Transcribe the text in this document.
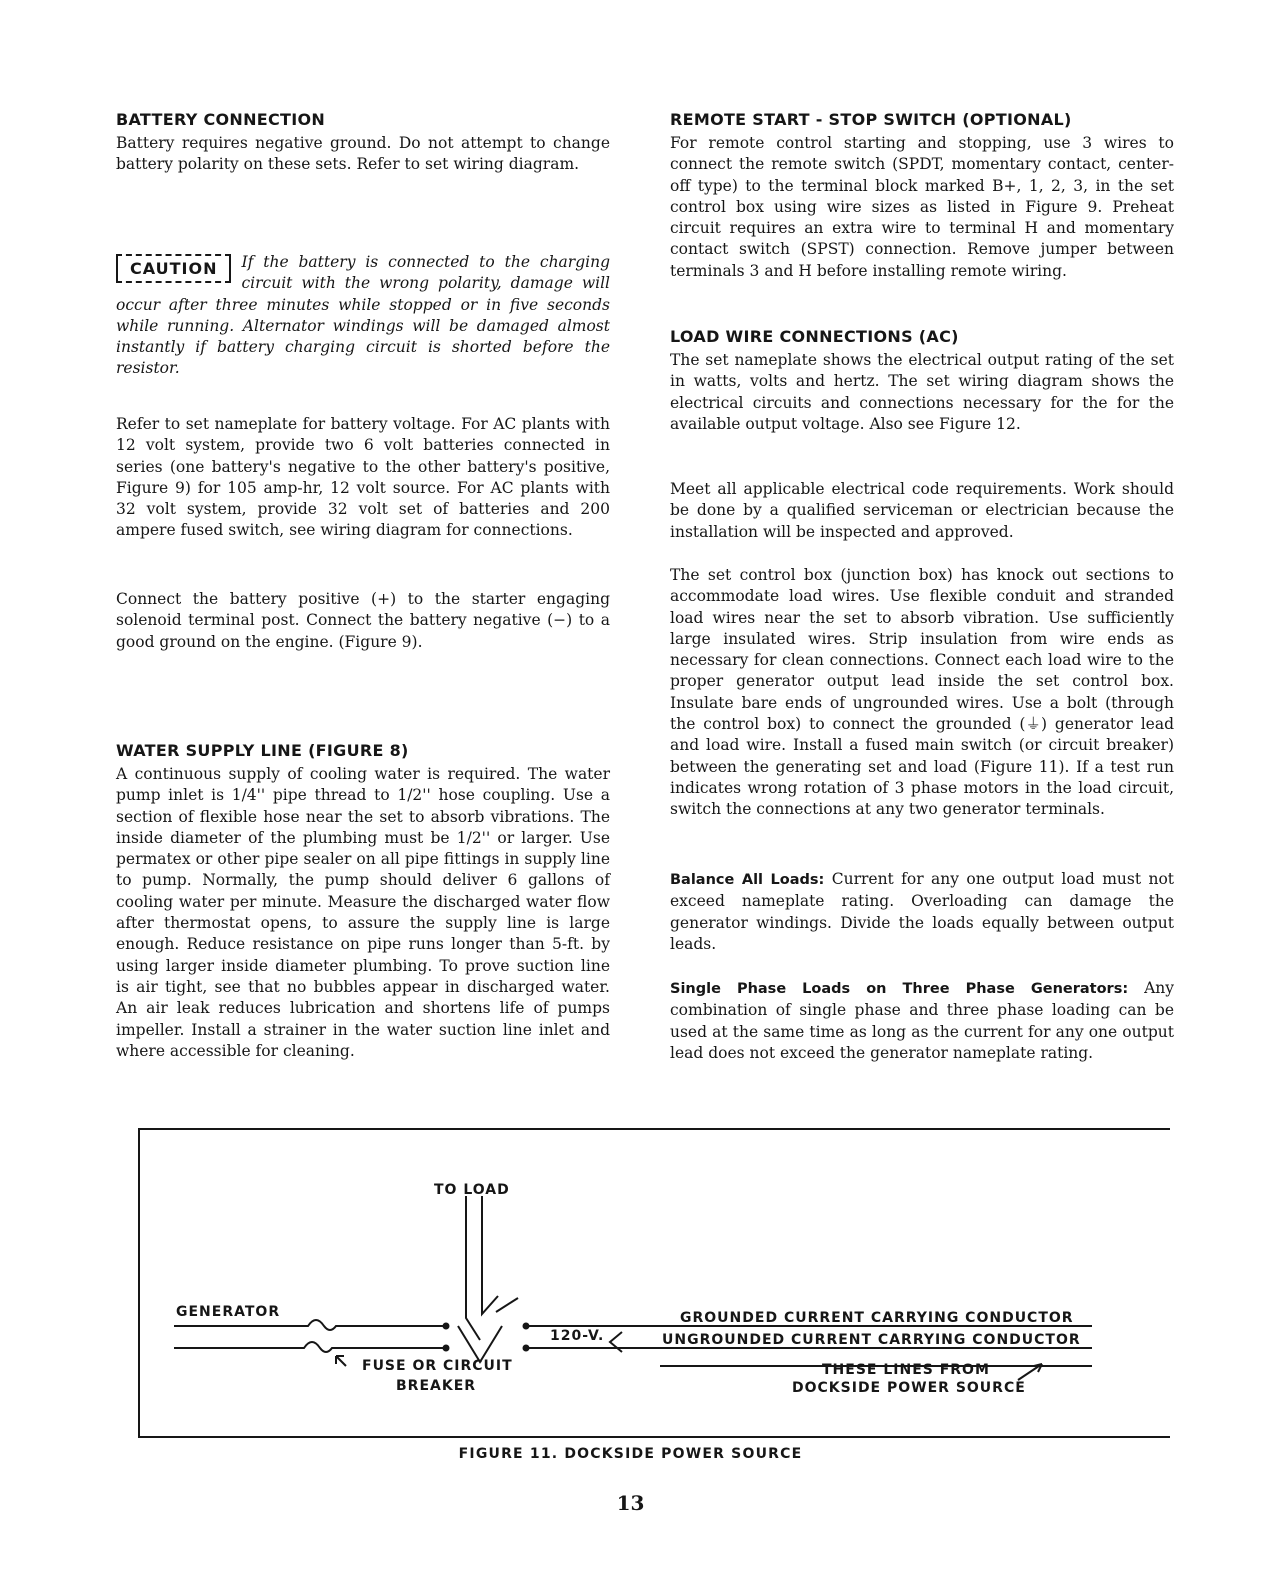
BATTERY CONNECTION

Battery requires negative ground. Do not attempt to change battery polarity on these sets. Refer to set wiring diagram.

CAUTION	If the battery is connected to the charging circuit with the wrong polarity, damage will occur after three minutes while stopped or in five seconds while running. Alternator windings will be damaged almost instantly if battery charging circuit is shorted before the resistor.

Refer to set nameplate for battery voltage. For AC plants with 12 volt system, provide two 6 volt batteries connected in series (one battery's negative to the other battery's positive, Figure 9) for 105 amp-hr, 12 volt source. For AC plants with 32 volt system, provide 32 volt set of batteries and 200 ampere fused switch, see wiring diagram for connections.

Connect the battery positive (+) to the starter engaging solenoid terminal post. Connect the battery negative (−) to a good ground on the engine. (Figure 9).

WATER SUPPLY LINE (FIGURE 8)

A continuous supply of cooling water is required. The water pump inlet is 1/4'' pipe thread to 1/2'' hose coupling. Use a section of flexible hose near the set to absorb vibrations. The inside diameter of the plumbing must be 1/2'' or larger. Use permatex or other pipe sealer on all pipe fittings in supply line to pump. Normally, the pump should deliver 6 gallons of cooling water per minute. Measure the discharged water flow after thermostat opens, to assure the supply line is large enough. Reduce resistance on pipe runs longer than 5-ft. by using larger inside diameter plumbing. To prove suction line is air tight, see that no bubbles appear in discharged water. An air leak reduces lubrication and shortens life of pumps impeller. Install a strainer in the water suction line inlet and where accessible for cleaning.

REMOTE START - STOP SWITCH (OPTIONAL)

For remote control starting and stopping, use 3 wires to connect the remote switch (SPDT, momentary contact, center-off type) to the terminal block marked B+, 1, 2, 3, in the set control box using wire sizes as listed in Figure 9. Preheat circuit requires an extra wire to terminal H and momentary contact switch (SPST) connection. Remove jumper between terminals 3 and H before installing remote wiring.

LOAD WIRE CONNECTIONS (AC)

The set nameplate shows the electrical output rating of the set in watts, volts and hertz. The set wiring diagram shows the electrical circuits and connections necessary for the for the available output voltage. Also see Figure 12.

Meet all applicable electrical code requirements. Work should be done by a qualified serviceman or electrician because the installation will be inspected and approved.

The set control box (junction box) has knock out sections to accommodate load wires. Use flexible conduit and stranded load wires near the set to absorb vibration. Use sufficiently large insulated wires. Strip insulation from wire ends as necessary for clean connections. Connect each load wire to the proper generator output lead inside the set control box. Insulate bare ends of ungrounded wires. Use a bolt (through the control box) to connect the grounded (⏚) generator lead and load wire. Install a fused main switch (or circuit breaker) between the generating set and load (Figure 11). If a test run indicates wrong rotation of 3 phase motors in the load circuit, switch the connections at any two generator terminals.

Balance All Loads: Current for any one output load must not exceed nameplate rating. Overloading can damage the generator windings. Divide the loads equally between output leads.

Single Phase Loads on Three Phase Generators: Any combination of single phase and three phase loading can be used at the same time as long as the current for any one output lead does not exceed the generator nameplate rating.

TO LOAD
GENERATOR
FUSE OR CIRCUIT
BREAKER
120-V.
GROUNDED CURRENT CARRYING CONDUCTOR
UNGROUNDED CURRENT CARRYING CONDUCTOR
THESE LINES FROM
DOCKSIDE POWER SOURCE
FIGURE 11. DOCKSIDE POWER SOURCE
13
